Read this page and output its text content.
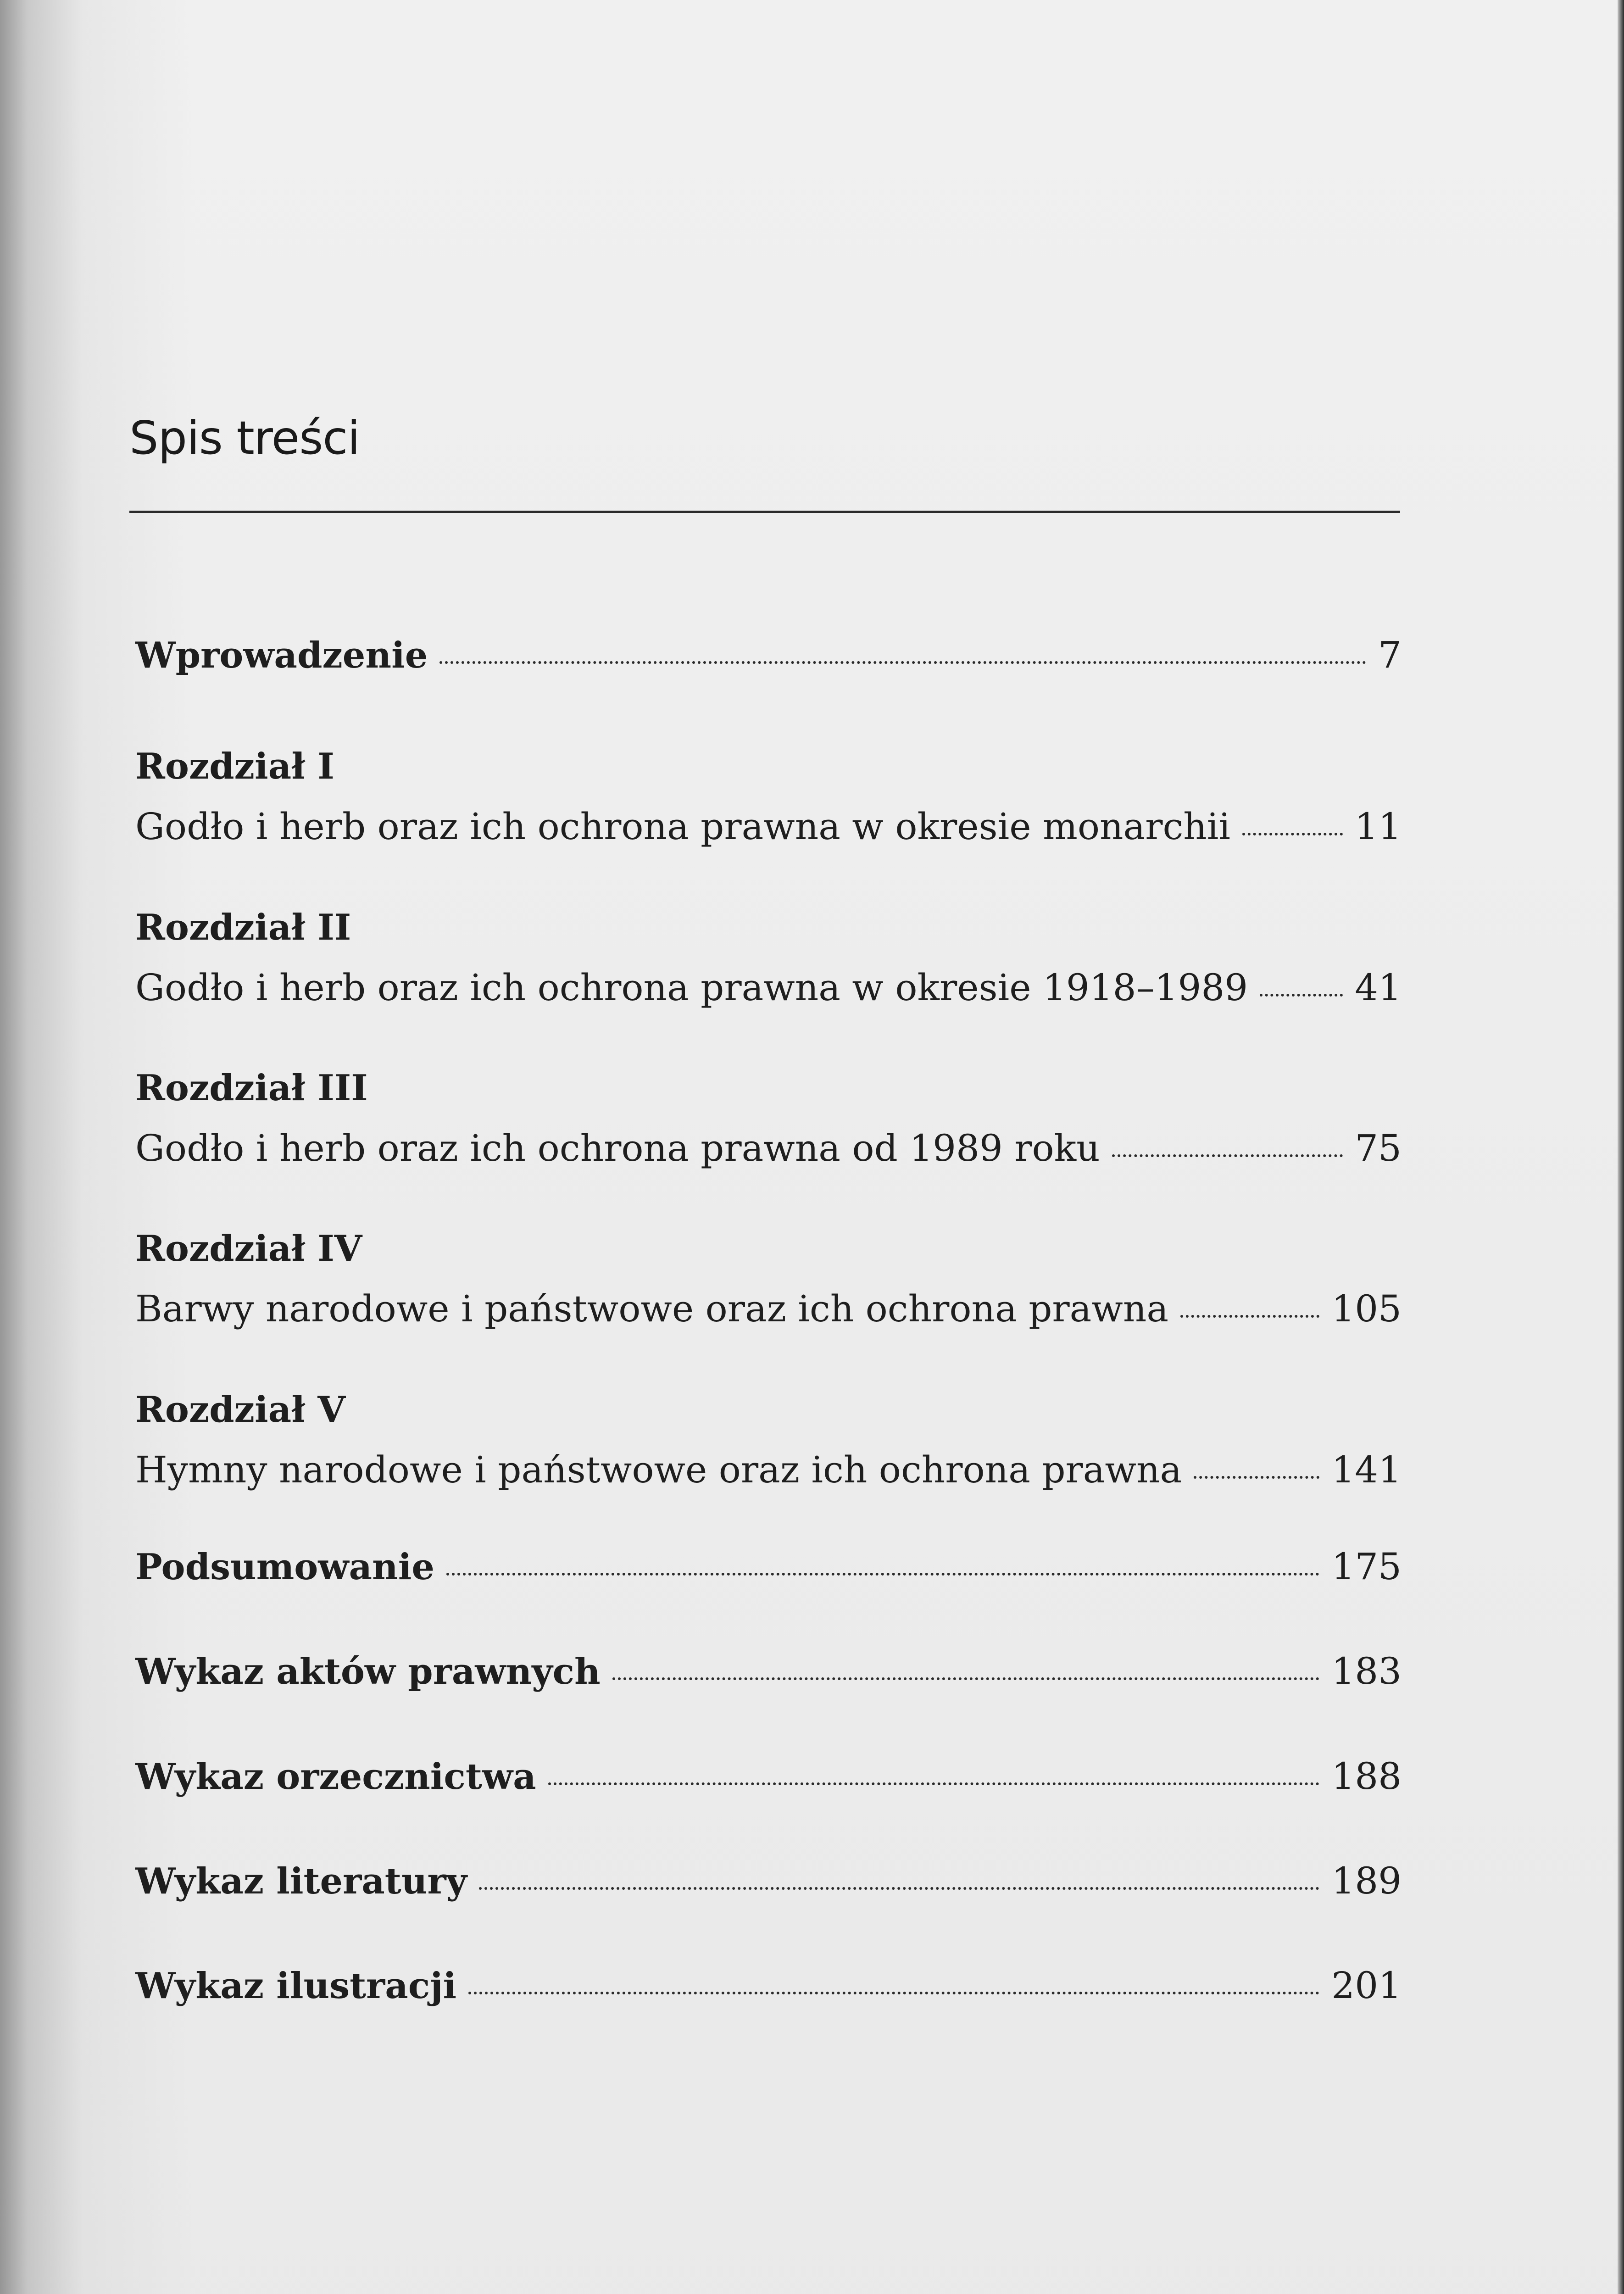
Spis treści
Wprowadzenie	7
Rozdział I
Godło i herb oraz ich ochrona prawna w okresie monarchii	11
Rozdział II
Godło i herb oraz ich ochrona prawna w okresie 1918–1989	41
Rozdział III
Godło i herb oraz ich ochrona prawna od 1989 roku	75
Rozdział IV
Barwy narodowe i państwowe oraz ich ochrona prawna	105
Rozdział V
Hymny narodowe i państwowe oraz ich ochrona prawna	141
Podsumowanie	175
Wykaz aktów prawnych	183
Wykaz orzecznictwa	188
Wykaz literatury	189
Wykaz ilustracji	201
